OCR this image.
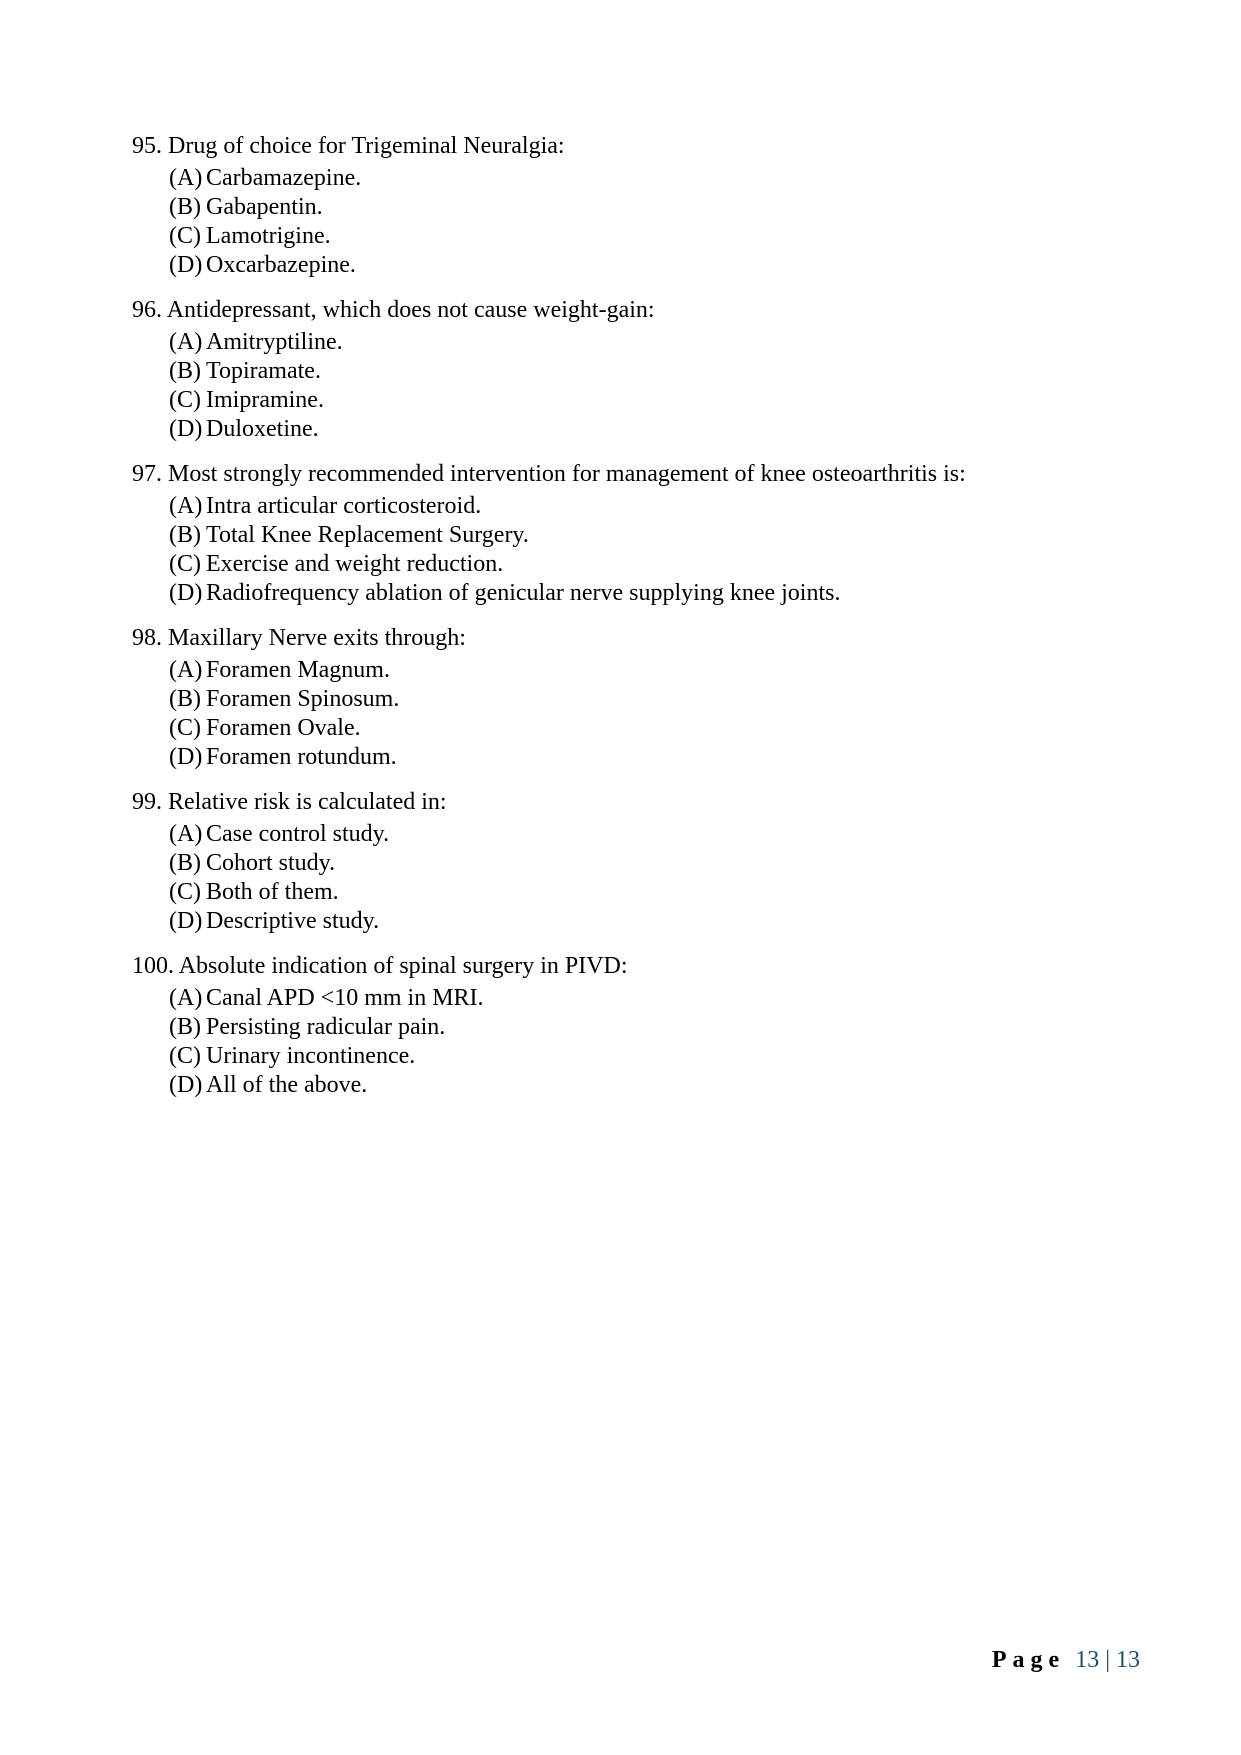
95. Drug of choice for Trigeminal Neuralgia:
(A) Carbamazepine.
(B) Gabapentin.
(C) Lamotrigine.
(D) Oxcarbazepine.
96. Antidepressant, which does not cause weight-gain:
(A) Amitryptiline.
(B) Topiramate.
(C) Imipramine.
(D) Duloxetine.
97. Most strongly recommended intervention for management of knee osteoarthritis is:
(A) Intra articular corticosteroid.
(B) Total Knee Replacement Surgery.
(C) Exercise and weight reduction.
(D) Radiofrequency ablation of genicular nerve supplying knee joints.
98. Maxillary Nerve exits through:
(A) Foramen Magnum.
(B) Foramen Spinosum.
(C) Foramen Ovale.
(D) Foramen rotundum.
99. Relative risk is calculated in:
(A) Case control study.
(B) Cohort study.
(C) Both of them.
(D) Descriptive study.
100. Absolute indication of spinal surgery in PIVD:
(A) Canal APD <10 mm in MRI.
(B) Persisting radicular pain.
(C) Urinary incontinence.
(D) All of the above.
Page 13 | 13
